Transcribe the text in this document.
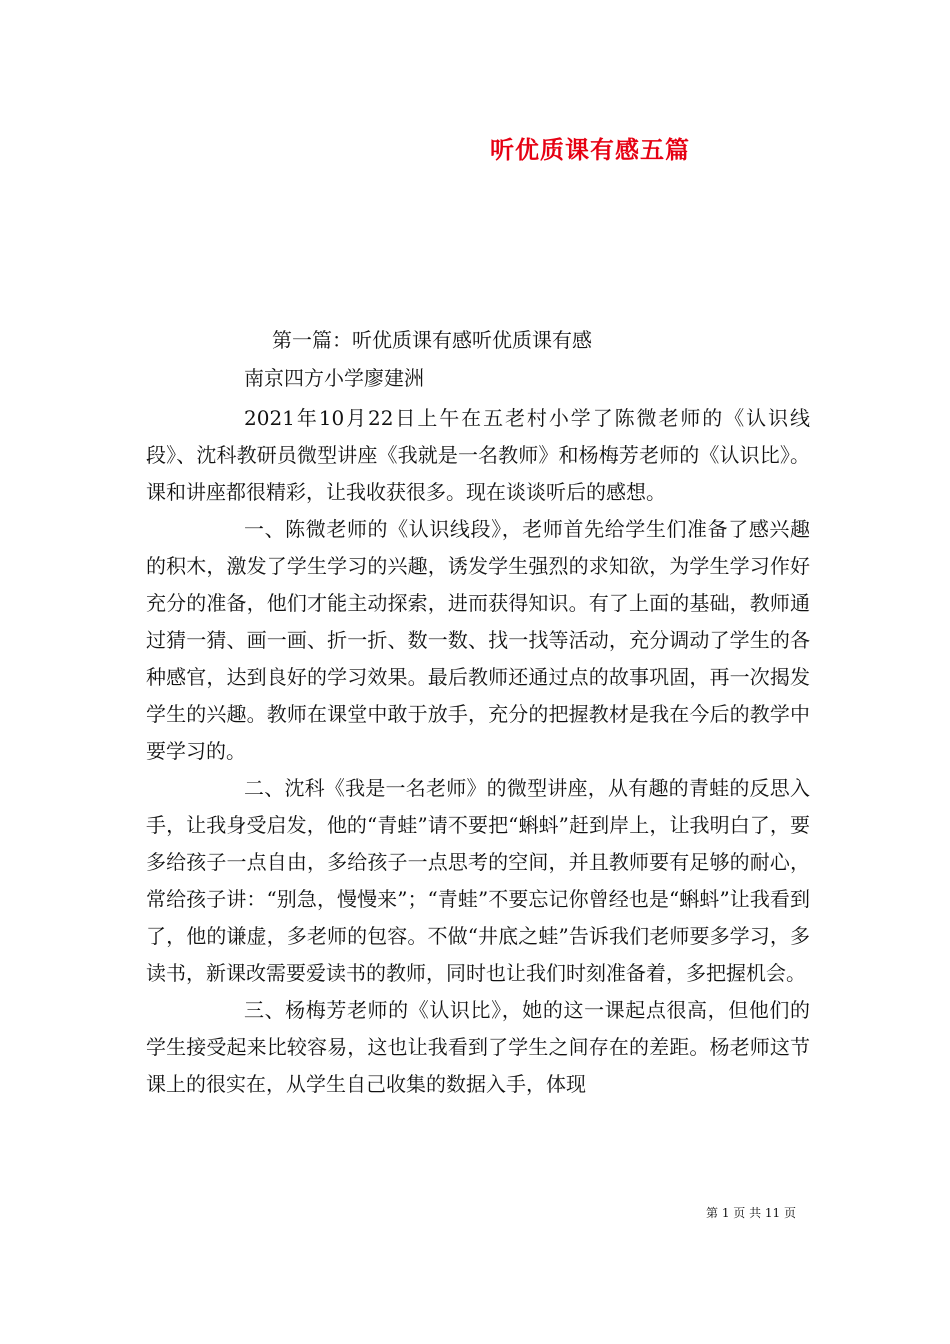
听优质课有感五篇
第一篇：听优质课有感听优质课有感
南京四方小学廖建洲

2021年10月22日上午在五老村小学了陈微老师的《认识线段》、沈科教研员微型讲座《我就是一名教师》和杨梅芳老师的《认识比》。课和讲座都很精彩，让我收获很多。现在谈谈听后的感想。

一、陈微老师的《认识线段》，老师首先给学生们准备了感兴趣的积木，激发了学生学习的兴趣，诱发学生强烈的求知欲，为学生学习作好充分的准备，他们才能主动探索，进而获得知识。有了上面的基础，教师通过猜一猜、画一画、折一折、数一数、找一找等活动，充分调动了学生的各种感官，达到良好的学习效果。最后教师还通过点的故事巩固，再一次揭发学生的兴趣。教师在课堂中敢于放手，充分的把握教材是我在今后的教学中要学习的。

二、沈科《我是一名老师》的微型讲座，从有趣的青蛙的反思入手，让我身受启发，他的“青蛙”请不要把“蝌蚪”赶到岸上，让我明白了，要多给孩子一点自由，多给孩子一点思考的空间，并且教师要有足够的耐心，常给孩子讲：“别急，慢慢来”；“青蛙”不要忘记你曾经也是“蝌蚪”让我看到了，他的谦虚，多老师的包容。不做“井底之蛙”告诉我们老师要多学习，多读书，新课改需要爱读书的教师，同时也让我们时刻准备着，多把握机会。

三、杨梅芳老师的《认识比》，她的这一课起点很高，但他们的学生接受起来比较容易，这也让我看到了学生之间存在的差距。杨老师这节课上的很实在，从学生自己收集的数据入手，体现

第 1 页 共 11 页
